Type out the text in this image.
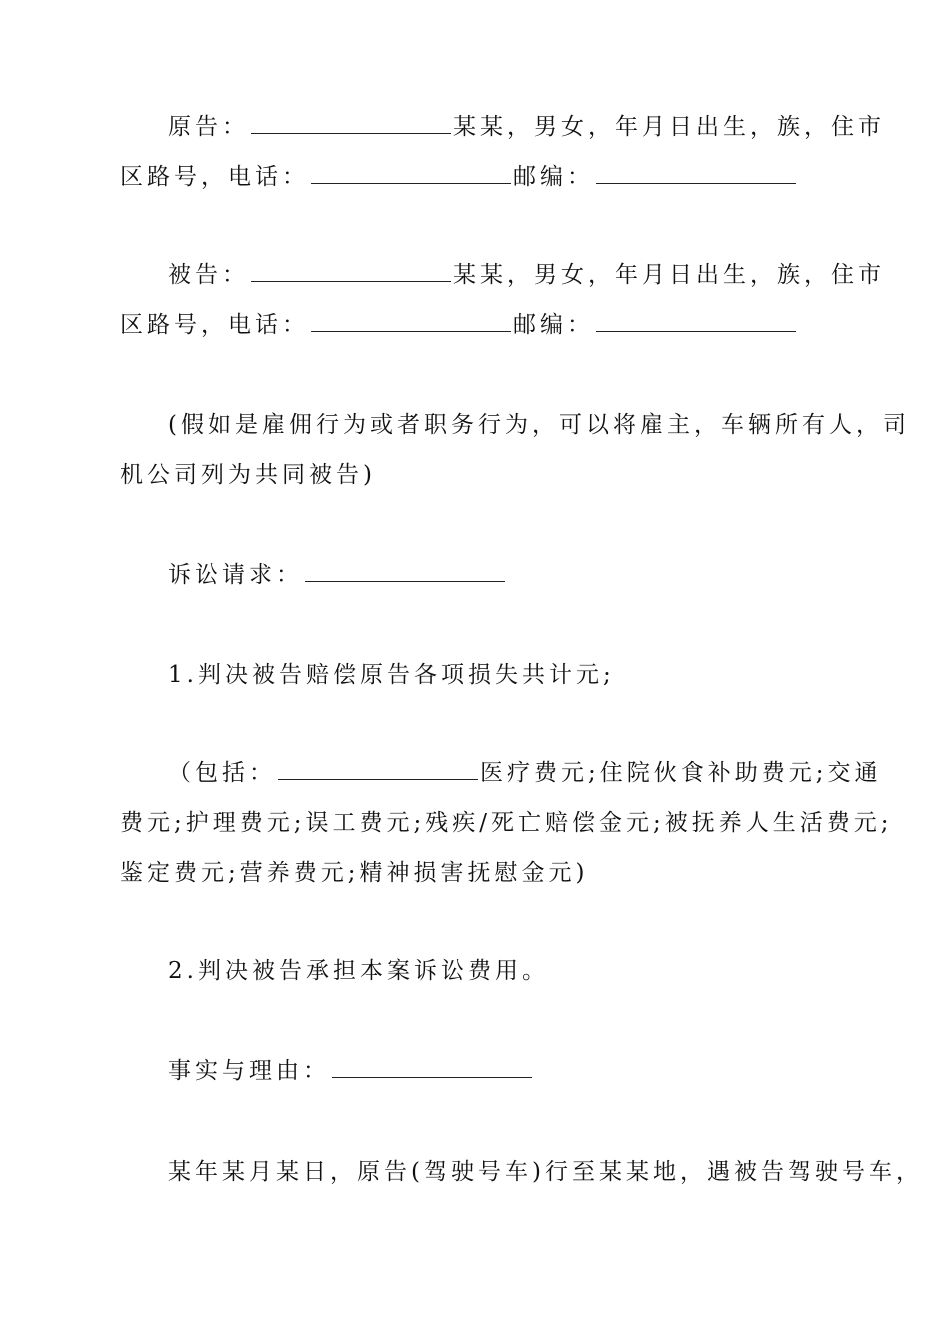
原告：	某某，男女，年月日出生，族，住市
区路号，电话：	邮编：
被告：	某某，男女，年月日出生，族，住市
区路号，电话：	邮编：
(假如是雇佣行为或者职务行为，可以将雇主，车辆所有人，司
机公司列为共同被告)
诉讼请求：
1.判决被告赔偿原告各项损失共计元;
（包括：	医疗费元;住院伙食补助费元;交通
费元;护理费元;误工费元;残疾/死亡赔偿金元;被抚养人生活费元;
鉴定费元;营养费元;精神损害抚慰金元)
2.判决被告承担本案诉讼费用。
事实与理由：
某年某月某日，原告(驾驶号车)行至某某地，遇被告驾驶号车，
